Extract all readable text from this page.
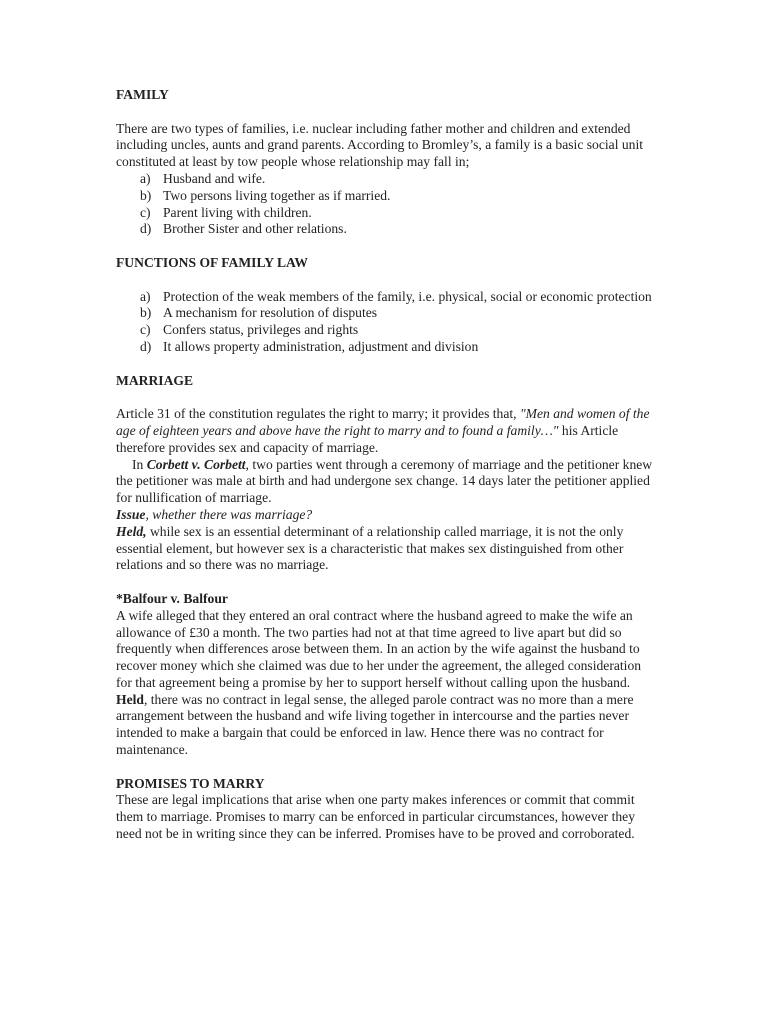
FAMILY

There are two types of families, i.e. nuclear including father mother and children and extended including uncles, aunts and grand parents. According to Bromley’s, a family is a basic social unit constituted at least by tow people whose relationship may fall in;

a) Husband and wife.
b) Two persons living together as if married.
c) Parent living with children.
d) Brother Sister and other relations.
FUNCTIONS OF FAMILY LAW
a) Protection of the weak members of the family, i.e. physical, social or economic protection
b) A mechanism for resolution of disputes
c) Confers status, privileges and rights
d) It allows property administration, adjustment and division
MARRIAGE

Article 31 of the constitution regulates the right to marry; it provides that, "Men and women of the age of eighteen years and above have the right to marry and to found a family…" his Article therefore provides sex and capacity of marriage.

In Corbett v. Corbett, two parties went through a ceremony of marriage and the petitioner knew the petitioner was male at birth and had undergone sex change. 14 days later the petitioner applied for nullification of marriage.

Issue, whether there was marriage?

Held, while sex is an essential determinant of a relationship called marriage, it is not the only essential element, but however sex is a characteristic that makes sex distinguished from other relations and so there was no marriage.

*Balfour v. Balfour

A wife alleged that they entered an oral contract where the husband agreed to make the wife an allowance of £30 a month. The two parties had not at that time agreed to live apart but did so frequently when differences arose between them. In an action by the wife against the husband to recover money which she claimed was due to her under the agreement, the alleged consideration for that agreement being a promise by her to support herself without calling upon the husband.

Held, there was no contract in legal sense, the alleged parole contract was no more than a mere arrangement between the husband and wife living together in intercourse and the parties never intended to make a bargain that could be enforced in law. Hence there was no contract for maintenance.

PROMISES TO MARRY

These are legal implications that arise when one party makes inferences or commit that commit them to marriage. Promises to marry can be enforced in particular circumstances, however they need not be in writing since they can be inferred. Promises have to be proved and corroborated.
